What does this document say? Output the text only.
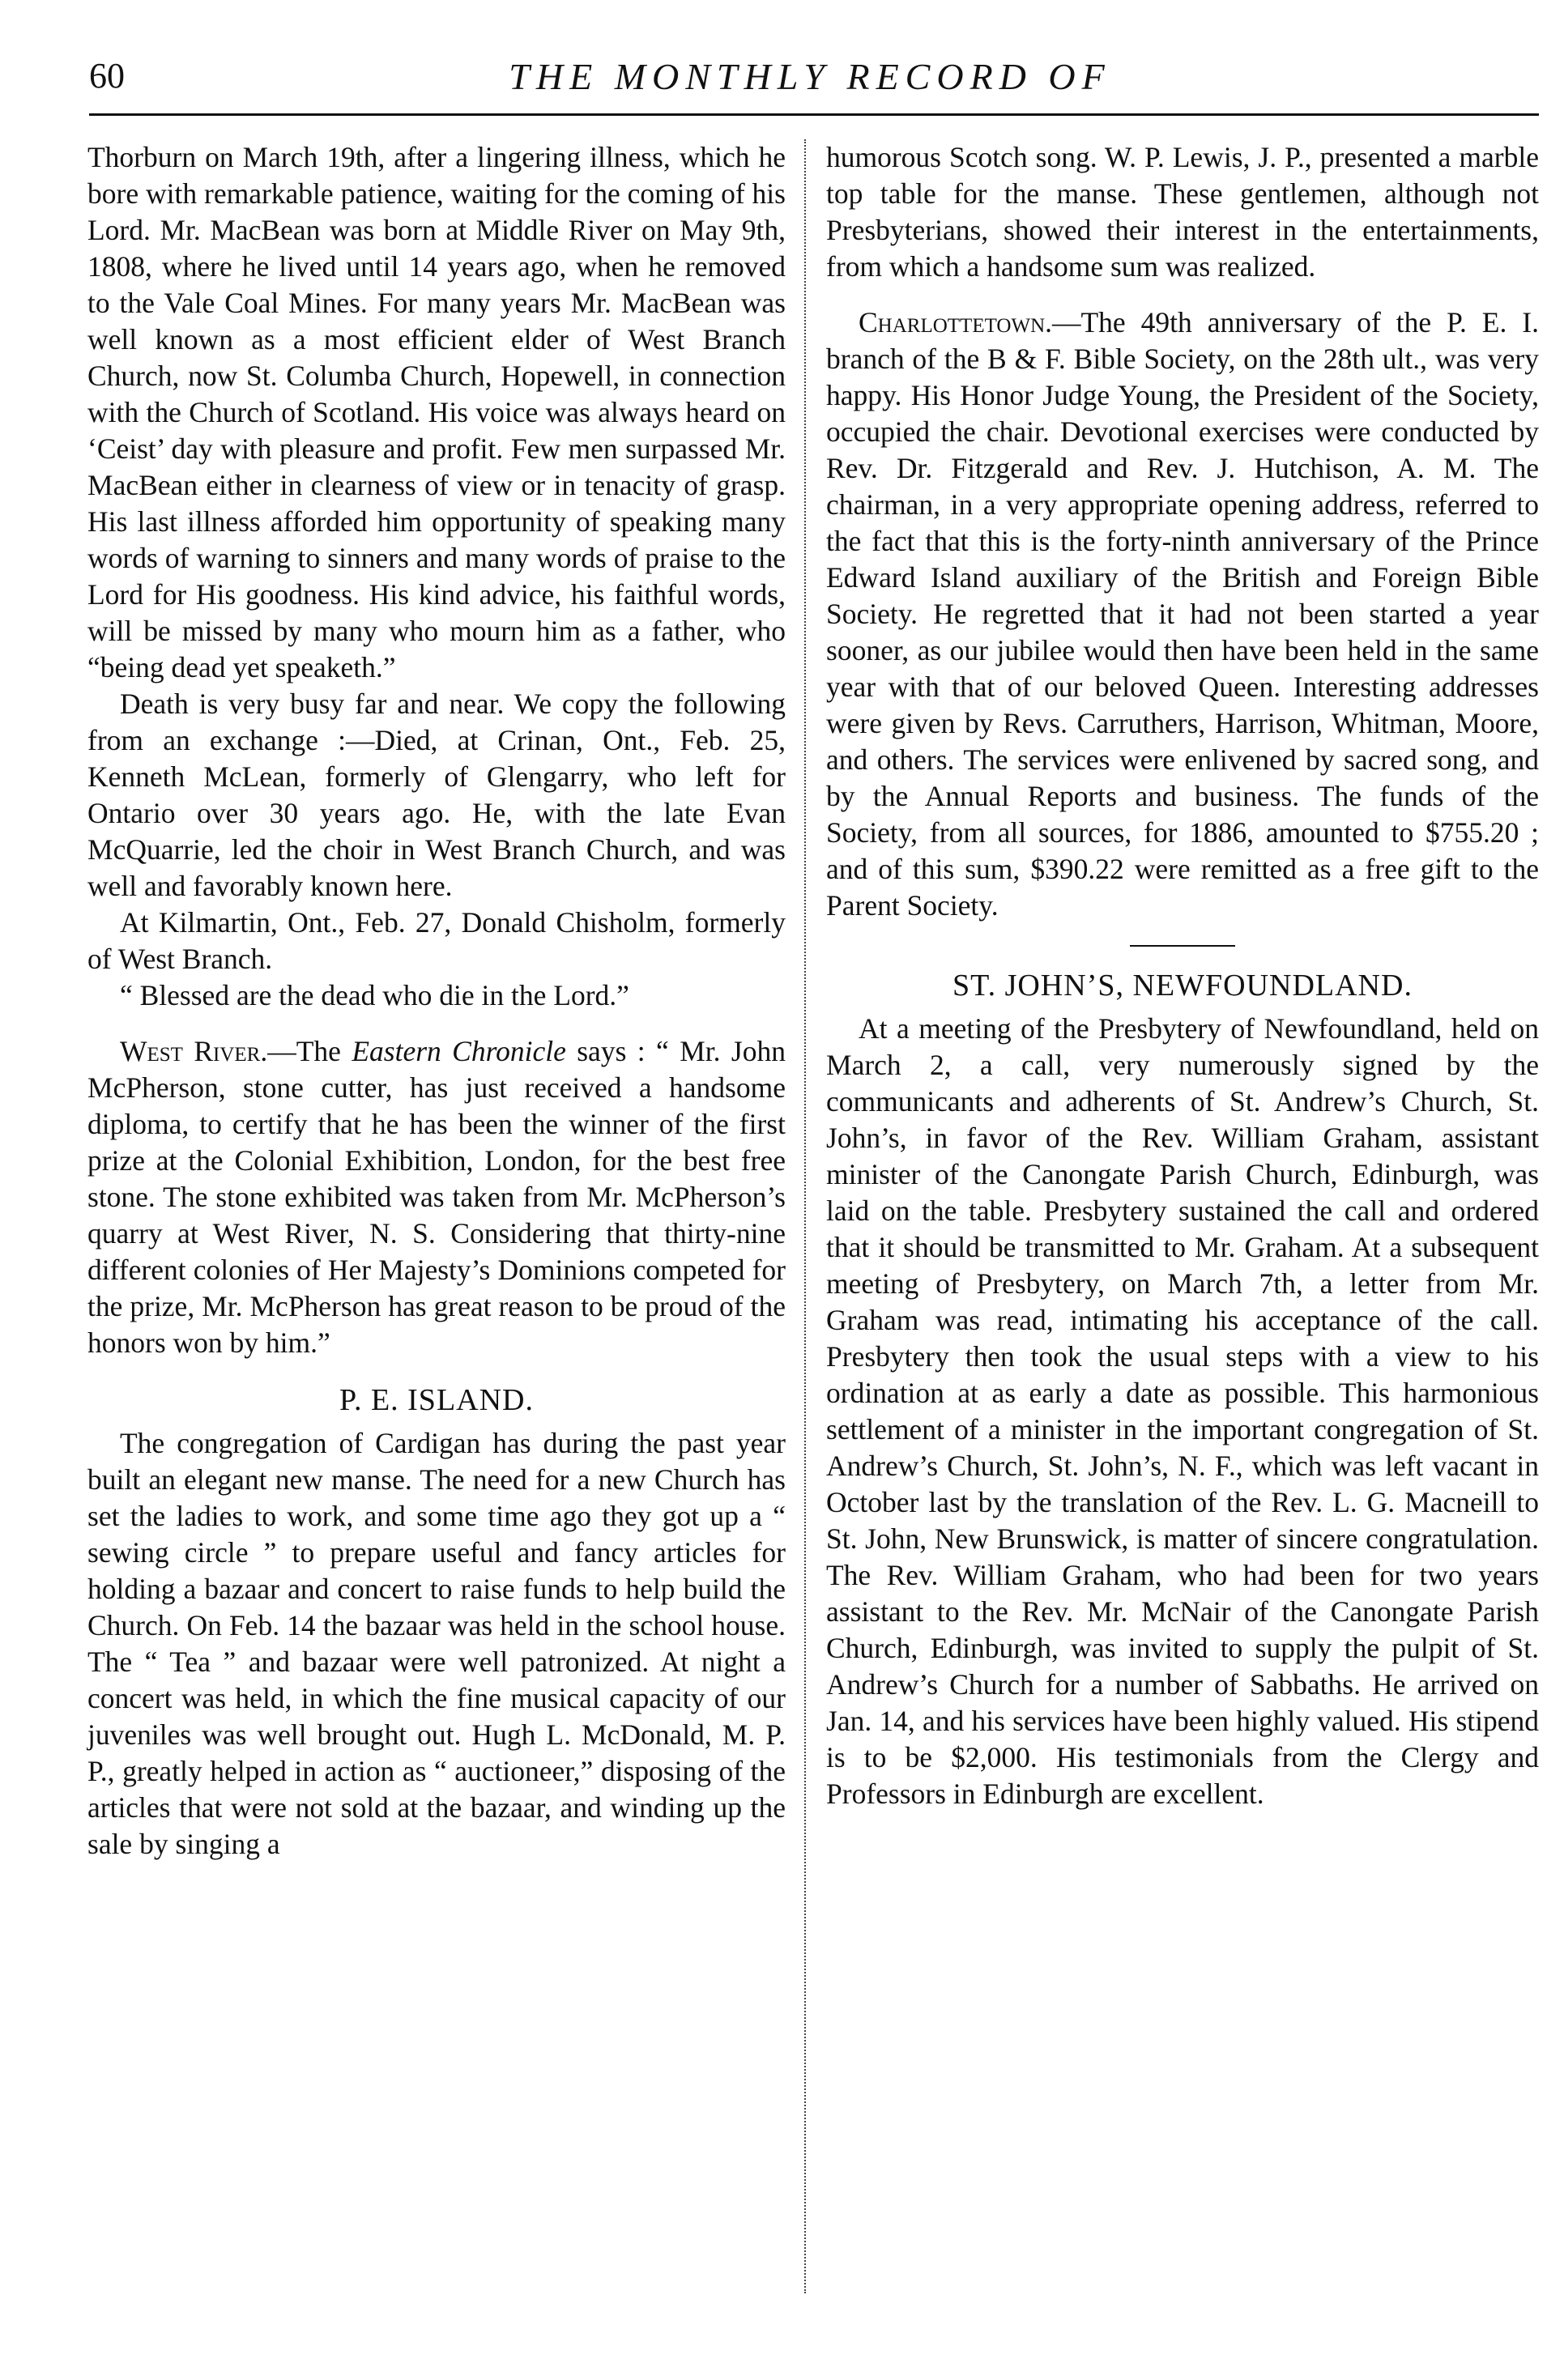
60	THE MONTHLY RECORD OF

Thorburn on March 19th, after a lingering illness, which he bore with remarkable patience, waiting for the coming of his Lord. Mr. MacBean was born at Middle River on May 9th, 1808, where he lived until 14 years ago, when he removed to the Vale Coal Mines. For many years Mr. MacBean was well known as a most efficient elder of West Branch Church, now St. Columba Church, Hopewell, in connection with the Church of Scotland. His voice was always heard on ‘Ceist’ day with pleasure and profit. Few men surpassed Mr. MacBean either in clearness of view or in tenacity of grasp. His last illness afforded him opportunity of speaking many words of warning to sinners and many words of praise to the Lord for His goodness. His kind advice, his faithful words, will be missed by many who mourn him as a father, who “being dead yet speaketh.”

Death is very busy far and near. We copy the following from an exchange :—Died, at Crinan, Ont., Feb. 25, Kenneth McLean, formerly of Glengarry, who left for Ontario over 30 years ago. He, with the late Evan McQuarrie, led the choir in West Branch Church, and was well and favorably known here.

At Kilmartin, Ont., Feb. 27, Donald Chisholm, formerly of West Branch.

“ Blessed are the dead who die in the Lord.”

West River.—The Eastern Chronicle says : “ Mr. John McPherson, stone cutter, has just received a handsome diploma, to certify that he has been the winner of the first prize at the Colonial Exhibition, London, for the best free stone. The stone exhibited was taken from Mr. McPherson’s quarry at West River, N. S. Considering that thirty-nine different colonies of Her Majesty’s Dominions competed for the prize, Mr. McPherson has great reason to be proud of the honors won by him.”

P. E. ISLAND.

The congregation of Cardigan has during the past year built an elegant new manse. The need for a new Church has set the ladies to work, and some time ago they got up a “ sewing circle ” to prepare useful and fancy articles for holding a bazaar and concert to raise funds to help build the Church. On Feb. 14 the bazaar was held in the school house. The “ Tea ” and bazaar were well patronized. At night a concert was held, in which the fine musical capacity of our juveniles was well brought out. Hugh L. McDonald, M. P. P., greatly helped in action as “ auctioneer,” disposing of the articles that were not sold at the bazaar, and winding up the sale by singing a

humorous Scotch song. W. P. Lewis, J. P., presented a marble top table for the manse. These gentlemen, although not Presbyterians, showed their interest in the entertainments, from which a handsome sum was realized.

Charlottetown.—The 49th anniversary of the P. E. I. branch of the B & F. Bible Society, on the 28th ult., was very happy. His Honor Judge Young, the President of the Society, occupied the chair. Devotional exercises were conducted by Rev. Dr. Fitzgerald and Rev. J. Hutchison, A. M. The chairman, in a very appropriate opening address, referred to the fact that this is the forty-ninth anniversary of the Prince Edward Island auxiliary of the British and Foreign Bible Society. He regretted that it had not been started a year sooner, as our jubilee would then have been held in the same year with that of our beloved Queen. Interesting addresses were given by Revs. Carruthers, Harrison, Whitman, Moore, and others. The services were enlivened by sacred song, and by the Annual Reports and business. The funds of the Society, from all sources, for 1886, amounted to $755.20 ; and of this sum, $390.22 were remitted as a free gift to the Parent Society.

ST. JOHN’S, NEWFOUNDLAND.

At a meeting of the Presbytery of Newfoundland, held on March 2, a call, very numerously signed by the communicants and adherents of St. Andrew’s Church, St. John’s, in favor of the Rev. William Graham, assistant minister of the Canongate Parish Church, Edinburgh, was laid on the table. Presbytery sustained the call and ordered that it should be transmitted to Mr. Graham. At a subsequent meeting of Presbytery, on March 7th, a letter from Mr. Graham was read, intimating his acceptance of the call. Presbytery then took the usual steps with a view to his ordination at as early a date as possible. This harmonious settlement of a minister in the important congregation of St. Andrew’s Church, St. John’s, N. F., which was left vacant in October last by the translation of the Rev. L. G. Macneill to St. John, New Brunswick, is matter of sincere congratulation. The Rev. William Graham, who had been for two years assistant to the Rev. Mr. McNair of the Canongate Parish Church, Edinburgh, was invited to supply the pulpit of St. Andrew’s Church for a number of Sabbaths. He arrived on Jan. 14, and his services have been highly valued. His stipend is to be $2,000. His testimonials from the Clergy and Professors in Edinburgh are excellent.
